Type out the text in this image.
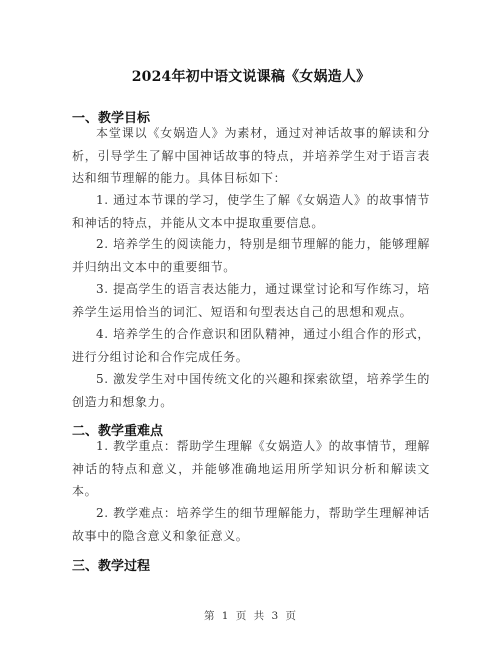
2024年初中语文说课稿《女娲造人》
一、教学目标
本堂课以《女娲造人》为素材，通过对神话故事的解读和分析，引导学生了解中国神话故事的特点，并培养学生对于语言表达和细节理解的能力。具体目标如下：
1. 通过本节课的学习，使学生了解《女娲造人》的故事情节和神话的特点，并能从文本中提取重要信息。
2. 培养学生的阅读能力，特别是细节理解的能力，能够理解并归纳出文本中的重要细节。
3. 提高学生的语言表达能力，通过课堂讨论和写作练习，培养学生运用恰当的词汇、短语和句型表达自己的思想和观点。
4. 培养学生的合作意识和团队精神，通过小组合作的形式，进行分组讨论和合作完成任务。
5. 激发学生对中国传统文化的兴趣和探索欲望，培养学生的创造力和想象力。
二、教学重难点
1. 教学重点：帮助学生理解《女娲造人》的故事情节，理解神话的特点和意义，并能够准确地运用所学知识分析和解读文本。
2. 教学难点：培养学生的细节理解能力，帮助学生理解神话故事中的隐含意义和象征意义。
三、教学过程
第 1 页 共 3 页
